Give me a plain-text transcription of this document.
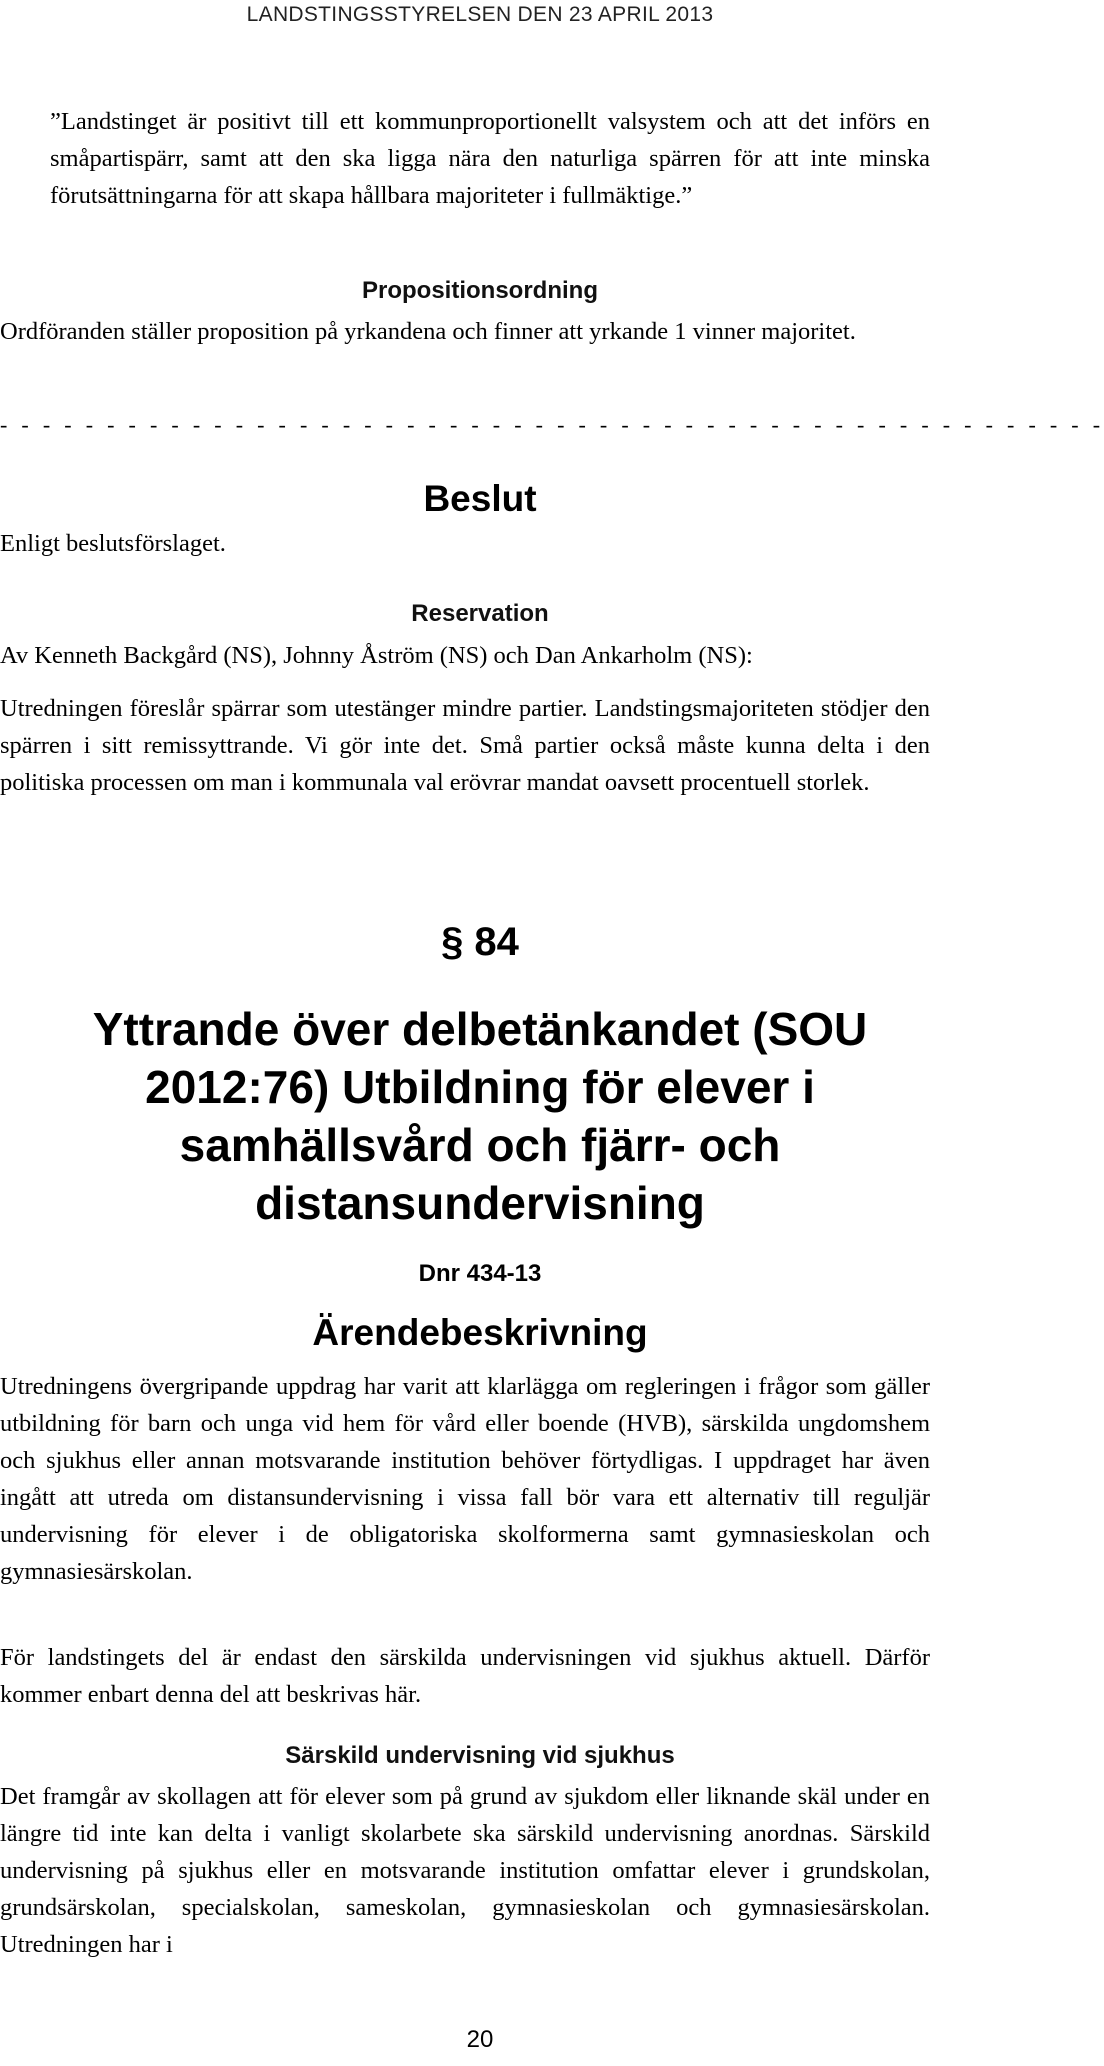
LANDSTINGSSTYRELSEN DEN 23 APRIL 2013

”Landstinget är positivt till ett kommunproportionellt valsystem och att det införs en småpartispärr, samt att den ska ligga nära den naturliga spärren för att inte minska förutsättningarna för att skapa hållbara majoriteter i fullmäktige.”

Propositionsordning

Ordföranden ställer proposition på yrkandena och finner att yrkande 1 vinner majoritet.

- - - - - - - - - - - - - - - - - - - - - - - - - - - - - - - - - - - - - - - - - - - - - - - - - - - -
Beslut

Enligt beslutsförslaget.

Reservation

Av Kenneth Backgård (NS), Johnny Åström (NS) och Dan Ankarholm (NS):

Utredningen föreslår spärrar som utestänger mindre partier. Landstingsmajoriteten stödjer den spärren i sitt remissyttrande. Vi gör inte det. Små partier också måste kunna delta i den politiska processen om man i kommunala val erövrar mandat oavsett procentuell storlek.

§ 84
Yttrande över delbetänkandet (SOU 2012:76) Utbildning för elever i samhällsvård och fjärr- och distansundervisning
Dnr 434-13
Ärendebeskrivning

Utredningens övergripande uppdrag har varit att klarlägga om regleringen i frågor som gäller utbildning för barn och unga vid hem för vård eller boende (HVB), särskilda ungdomshem och sjukhus eller annan motsvarande institution behöver förtydligas. I uppdraget har även ingått att utreda om distansundervisning i vissa fall bör vara ett alternativ till reguljär undervisning för elever i de obligatoriska skolformerna samt gymnasieskolan och gymnasiesärskolan.

För landstingets del är endast den särskilda undervisningen vid sjukhus aktuell. Därför kommer enbart denna del att beskrivas här.

Särskild undervisning vid sjukhus

Det framgår av skollagen att för elever som på grund av sjukdom eller liknande skäl under en längre tid inte kan delta i vanligt skolarbete ska särskild undervisning anordnas. Särskild undervisning på sjukhus eller en motsvarande institution omfattar elever i grundskolan, grundsärskolan, specialskolan, sameskolan, gymnasieskolan och gymnasiesärskolan. Utredningen har i

20
